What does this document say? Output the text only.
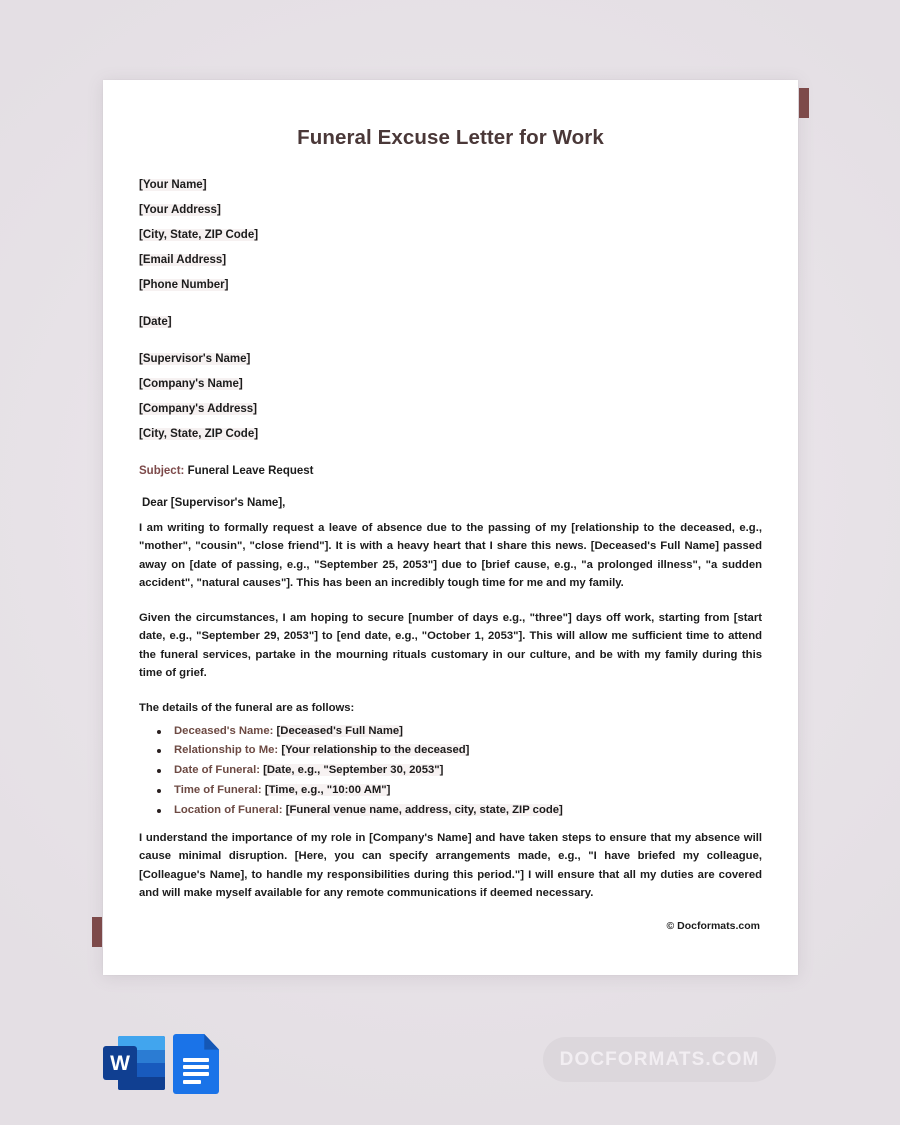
Funeral Excuse Letter for Work
[Your Name]
[Your Address]
[City, State, ZIP Code]
[Email Address]
[Phone Number]
[Date]
[Supervisor's Name]
[Company's Name]
[Company's Address]
[City, State, ZIP Code]
Subject: Funeral Leave Request
Dear [Supervisor's Name],

I am writing to formally request a leave of absence due to the passing of my [relationship to the deceased, e.g., "mother", "cousin", "close friend"]. It is with a heavy heart that I share this news. [Deceased's Full Name] passed away on [date of passing, e.g., "September 25, 2053"] due to [brief cause, e.g., "a prolonged illness", "a sudden accident", "natural causes"]. This has been an incredibly tough time for me and my family.

Given the circumstances, I am hoping to secure [number of days e.g., "three"] days off work, starting from [start date, e.g., "September 29, 2053"] to [end date, e.g., "October 1, 2053"]. This will allow me sufficient time to attend the funeral services, partake in the mourning rituals customary in our culture, and be with my family during this time of grief.

The details of the funeral are as follows:
Deceased's Name: [Deceased's Full Name]
Relationship to Me: [Your relationship to the deceased]
Date of Funeral: [Date, e.g., "September 30, 2053"]
Time of Funeral: [Time, e.g., "10:00 AM"]
Location of Funeral: [Funeral venue name, address, city, state, ZIP code]

I understand the importance of my role in [Company's Name] and have taken steps to ensure that my absence will cause minimal disruption. [Here, you can specify arrangements made, e.g., "I have briefed my colleague, [Colleague's Name], to handle my responsibilities during this period."] I will ensure that all my duties are covered and will make myself available for any remote communications if deemed necessary.

© Docformats.com
W	DOCFORMATS.COM
